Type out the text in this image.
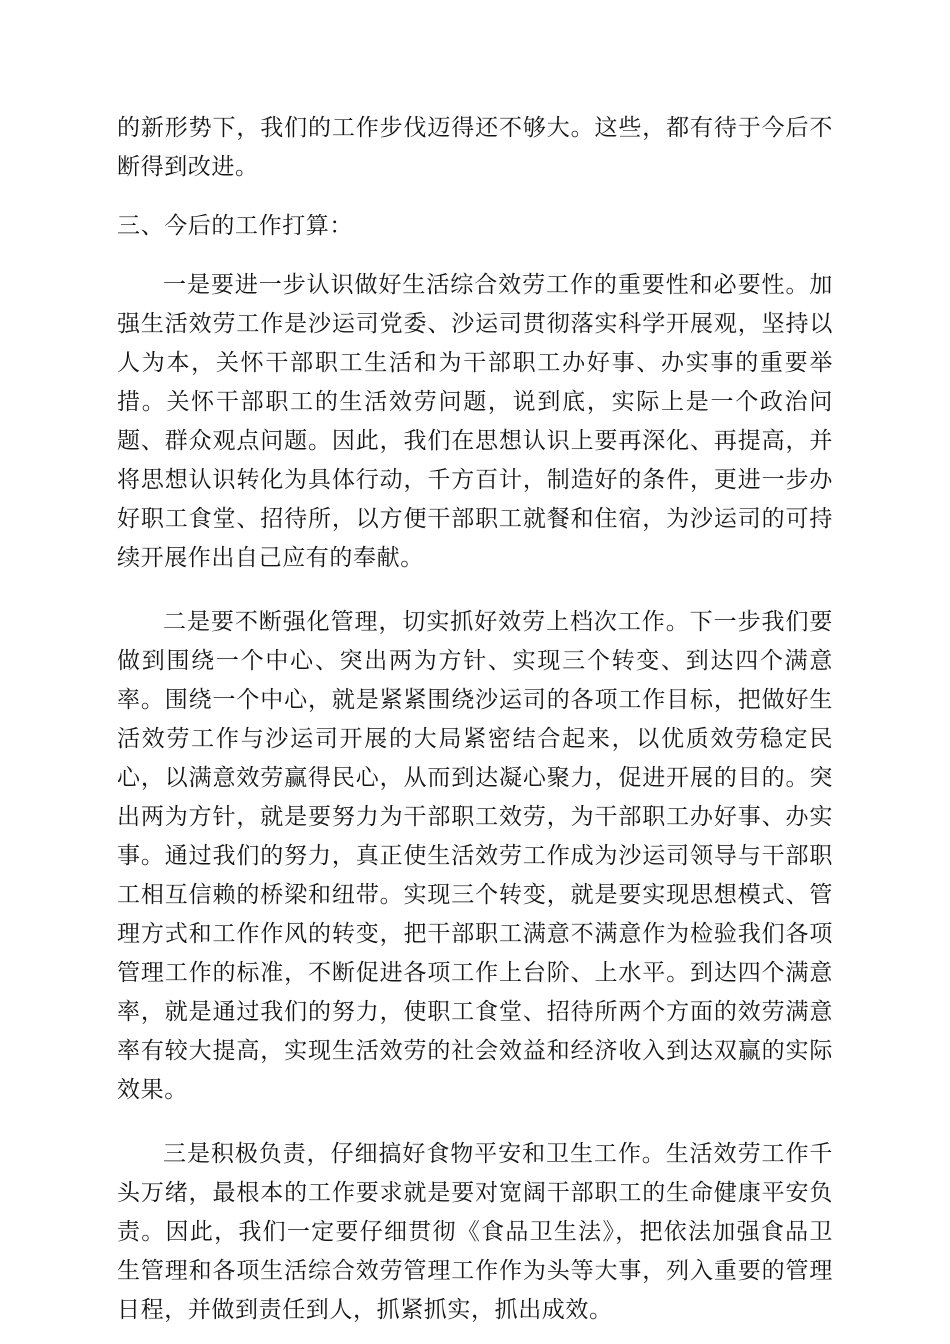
的新形势下，我们的工作步伐迈得还不够大。这些，都有待于今后不断得到改进。

三、今后的工作打算：

一是要进一步认识做好生活综合效劳工作的重要性和必要性。加强生活效劳工作是沙运司党委、沙运司贯彻落实科学开展观，坚持以人为本，关怀干部职工生活和为干部职工办好事、办实事的重要举措。关怀干部职工的生活效劳问题，说到底，实际上是一个政治问题、群众观点问题。因此，我们在思想认识上要再深化、再提高，并将思想认识转化为具体行动，千方百计，制造好的条件，更进一步办好职工食堂、招待所，以方便干部职工就餐和住宿，为沙运司的可持续开展作出自己应有的奉献。

二是要不断强化管理，切实抓好效劳上档次工作。下一步我们要做到围绕一个中心、突出两为方针、实现三个转变、到达四个满意率。围绕一个中心，就是紧紧围绕沙运司的各项工作目标，把做好生活效劳工作与沙运司开展的大局紧密结合起来，以优质效劳稳定民心，以满意效劳赢得民心，从而到达凝心聚力，促进开展的目的。突出两为方针，就是要努力为干部职工效劳，为干部职工办好事、办实事。通过我们的努力，真正使生活效劳工作成为沙运司领导与干部职工相互信赖的桥梁和纽带。实现三个转变，就是要实现思想模式、管理方式和工作作风的转变，把干部职工满意不满意作为检验我们各项管理工作的标准，不断促进各项工作上台阶、上水平。到达四个满意率，就是通过我们的努力，使职工食堂、招待所两个方面的效劳满意率有较大提高，实现生活效劳的社会效益和经济收入到达双赢的实际效果。

三是积极负责，仔细搞好食物平安和卫生工作。生活效劳工作千头万绪，最根本的工作要求就是要对宽阔干部职工的生命健康平安负责。因此，我们一定要仔细贯彻《食品卫生法》，把依法加强食品卫生管理和各项生活综合效劳管理工作作为头等大事，列入重要的管理日程，并做到责任到人，抓紧抓实，抓出成效。
